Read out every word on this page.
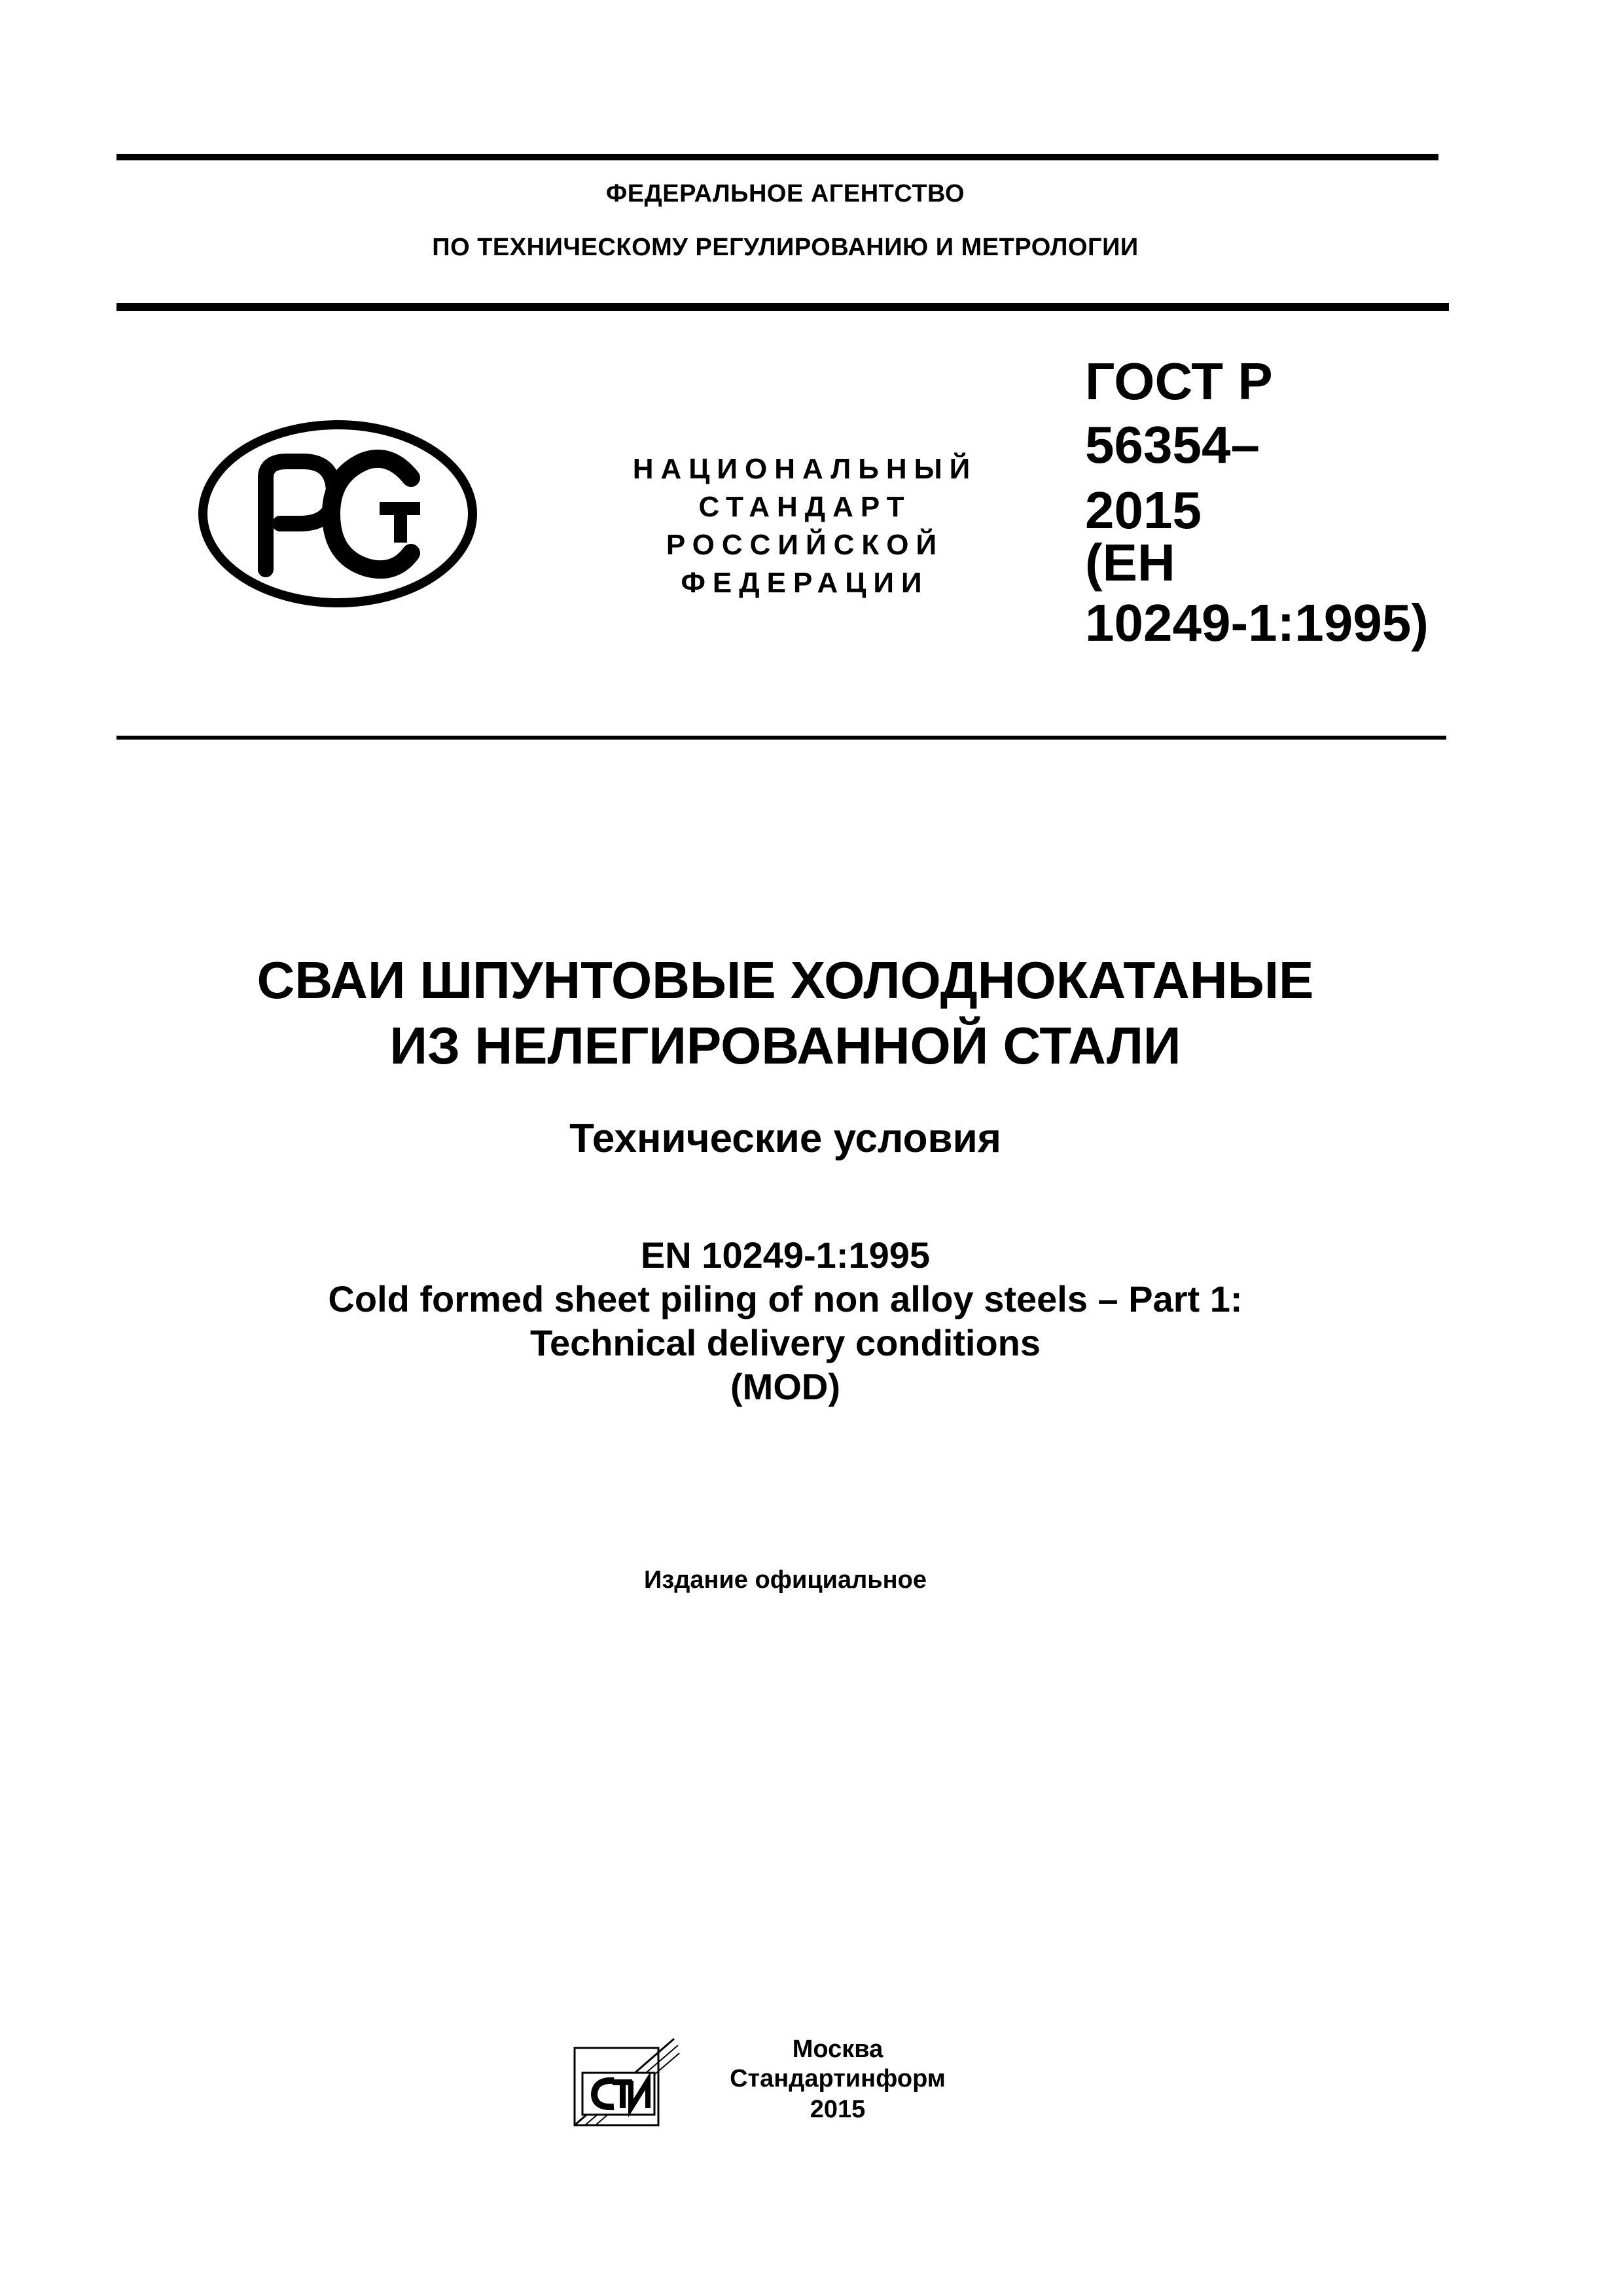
ФЕДЕРАЛЬНОЕ АГЕНТСТВО
ПО ТЕХНИЧЕСКОМУ РЕГУЛИРОВАНИЮ И МЕТРОЛОГИИ
НАЦИОНАЛЬНЫЙ
СТАНДАРТ
РОССИЙСКОЙ
ФЕДЕРАЦИИ
ГОСТ Р
56354–
2015
(ЕН
10249-1:1995)
СВАИ ШПУНТОВЫЕ ХОЛОДНОКАТАНЫЕ
ИЗ НЕЛЕГИРОВАННОЙ СТАЛИ
Технические условия
EN 10249-1:1995
Cold formed sheet piling of non alloy steels – Part 1:
Technical delivery conditions
(MOD)
Издание официальное
Москва
Стандартинформ
2015
